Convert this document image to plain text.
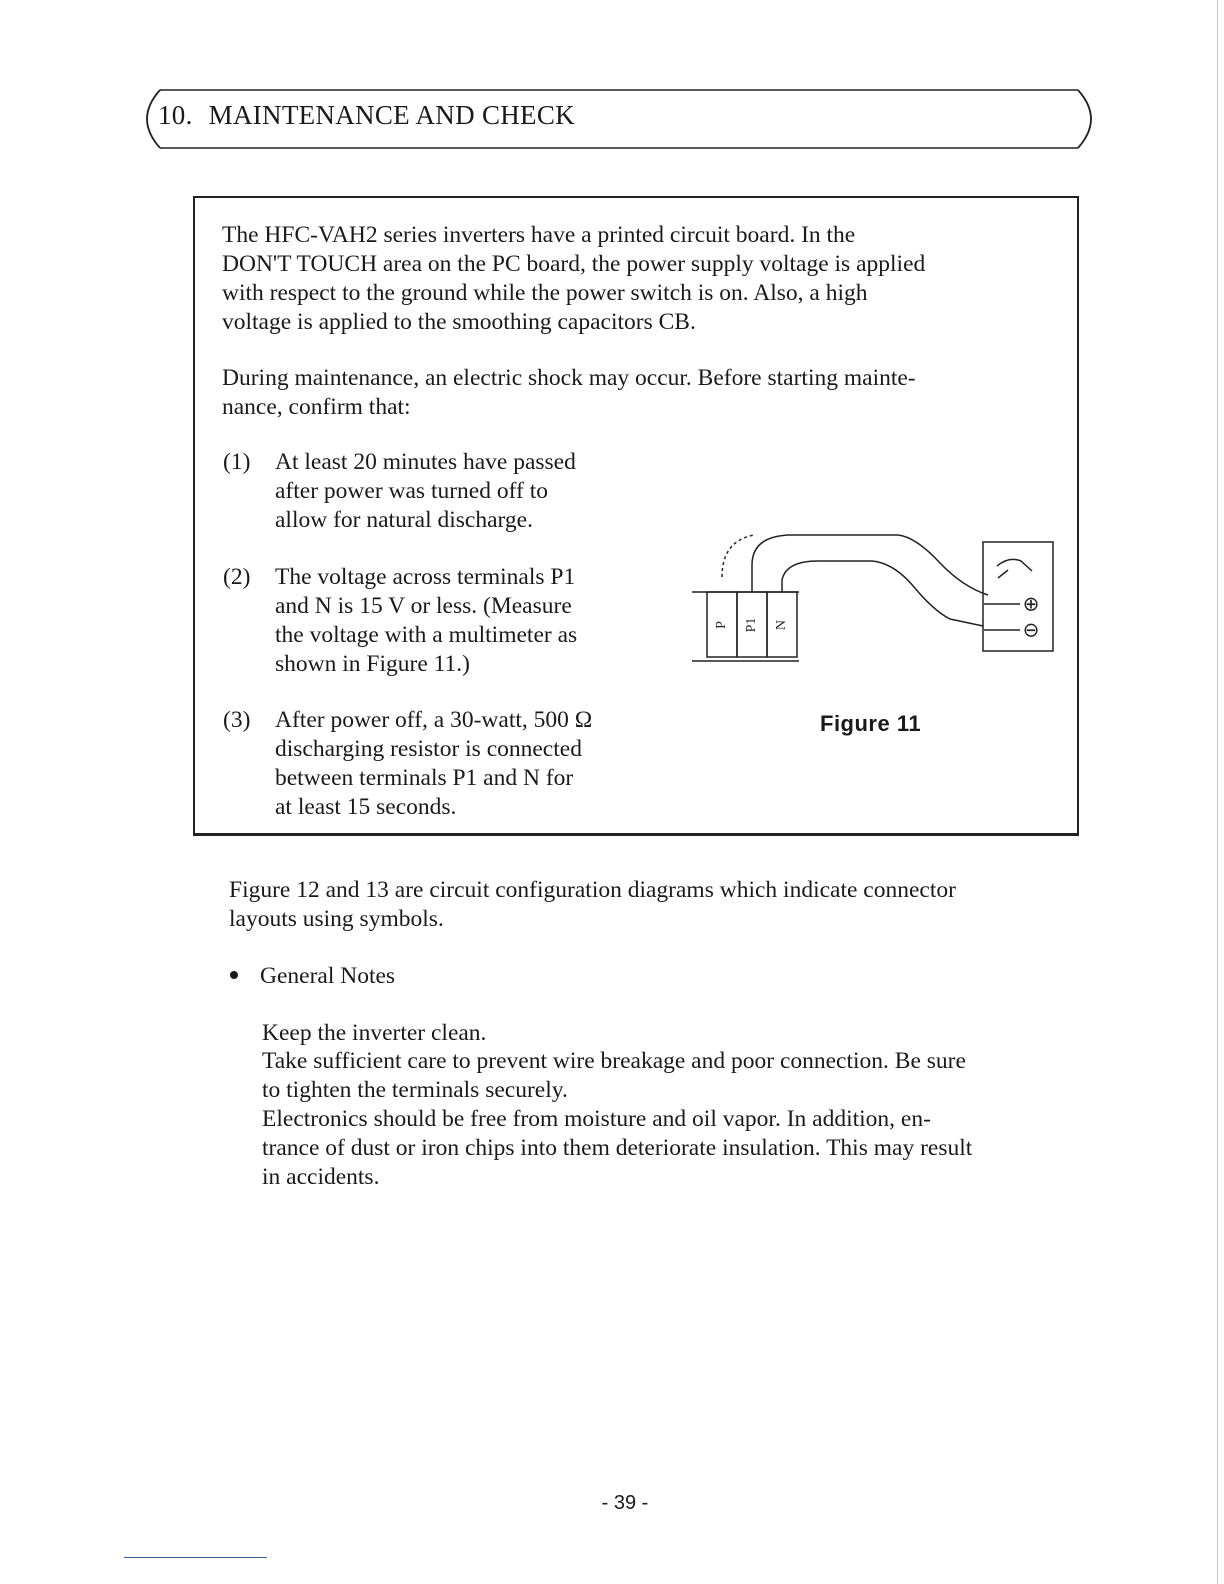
10. MAINTENANCE AND CHECK
The HFC-VAH2 series inverters have a printed circuit board. In the
DON'T TOUCH area on the PC board, the power supply voltage is applied
with respect to the ground while the power switch is on. Also, a high
voltage is applied to the smoothing capacitors CB.
During maintenance, an electric shock may occur. Before starting mainte-
nance, confirm that:
(1) At least 20 minutes have passed
after power was turned off to
allow for natural discharge.
(2) The voltage across terminals P1
and N is 15 V or less. (Measure
the voltage with a multimeter as
shown in Figure 11.)
(3) After power off, a 30-watt, 500 Ω
discharging resistor is connected
between terminals P1 and N for
at least 15 seconds.
P P1 N
⊕
⊖
Figure 11
Figure 12 and 13 are circuit configuration diagrams which indicate connector
layouts using symbols.
General Notes
Keep the inverter clean.
Take sufficient care to prevent wire breakage and poor connection. Be sure
to tighten the terminals securely.
Electronics should be free from moisture and oil vapor. In addition, en-
trance of dust or iron chips into them deteriorate insulation. This may result
in accidents.
- 39 -
